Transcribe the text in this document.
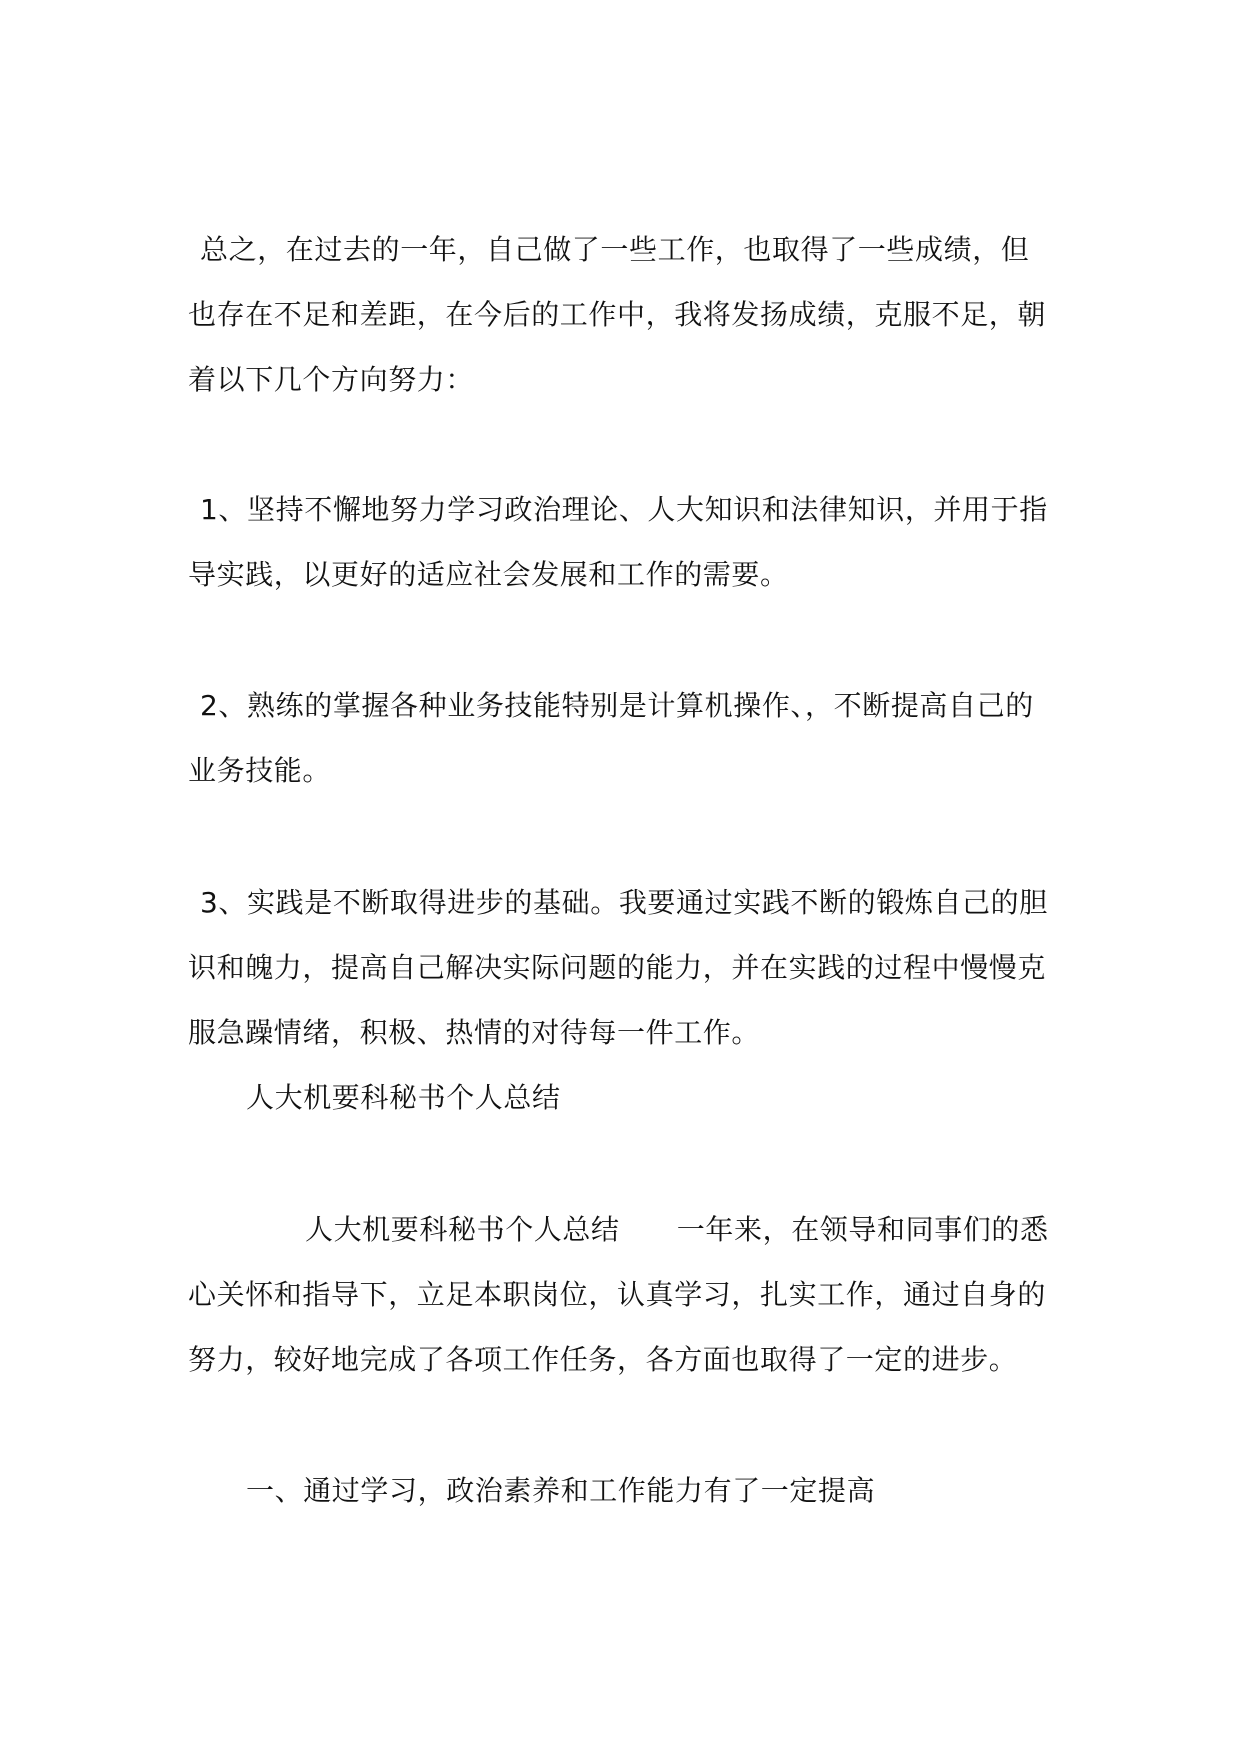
总之，在过去的一年，自己做了一些工作，也取得了一些成绩，但
也存在不足和差距，在今后的工作中，我将发扬成绩，克服不足，朝
着以下几个方向努力：
1、坚持不懈地努力学习政治理论、人大知识和法律知识，并用于指
导实践，以更好的适应社会发展和工作的需要。
2、熟练的掌握各种业务技能特别是计算机操作、，不断提高自己的
业务技能。
3、实践是不断取得进步的基础。我要通过实践不断的锻炼自己的胆
识和魄力，提高自己解决实际问题的能力，并在实践的过程中慢慢克
服急躁情绪，积极、热情的对待每一件工作。
人大机要科秘书个人总结
人大机要科秘书个人总结　　一年来，在领导和同事们的悉
心关怀和指导下，立足本职岗位，认真学习，扎实工作，通过自身的
努力，较好地完成了各项工作任务，各方面也取得了一定的进步。
一、通过学习，政治素养和工作能力有了一定提高
